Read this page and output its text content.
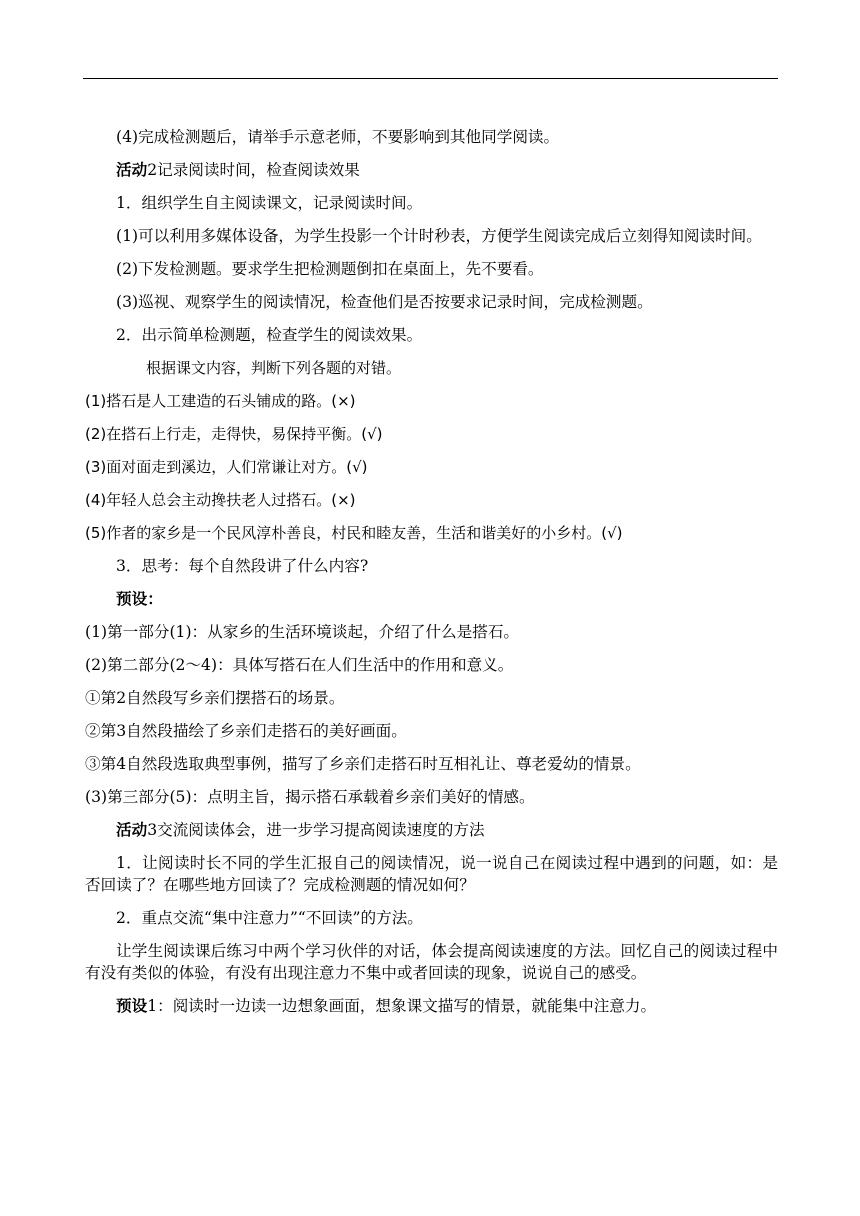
(4)完成检测题后，请举手示意老师，不要影响到其他同学阅读。

活动2记录阅读时间，检查阅读效果

1．组织学生自主阅读课文，记录阅读时间。

(1)可以利用多媒体设备，为学生投影一个计时秒表，方便学生阅读完成后立刻得知阅读时间。

(2)下发检测题。要求学生把检测题倒扣在桌面上，先不要看。

(3)巡视、观察学生的阅读情况，检查他们是否按要求记录时间，完成检测题。

2．出示简单检测题，检查学生的阅读效果。

根据课文内容，判断下列各题的对错。

(1)搭石是人工建造的石头铺成的路。(×)

(2)在搭石上行走，走得快，易保持平衡。(√)

(3)面对面走到溪边，人们常谦让对方。(√)

(4)年轻人总会主动搀扶老人过搭石。(×)

(5)作者的家乡是一个民风淳朴善良，村民和睦友善，生活和谐美好的小乡村。(√)

3．思考：每个自然段讲了什么内容?

预设：

(1)第一部分(1)：从家乡的生活环境谈起，介绍了什么是搭石。

(2)第二部分(2～4)：具体写搭石在人们生活中的作用和意义。

①第2自然段写乡亲们摆搭石的场景。

②第3自然段描绘了乡亲们走搭石的美好画面。

③第4自然段选取典型事例，描写了乡亲们走搭石时互相礼让、尊老爱幼的情景。

(3)第三部分(5)：点明主旨，揭示搭石承载着乡亲们美好的情感。

活动3交流阅读体会，进一步学习提高阅读速度的方法

1．让阅读时长不同的学生汇报自己的阅读情况，说一说自己在阅读过程中遇到的问题，如：是否回读了？在哪些地方回读了？完成检测题的情况如何？

2．重点交流“集中注意力”“不回读”的方法。

让学生阅读课后练习中两个学习伙伴的对话，体会提高阅读速度的方法。回忆自己的阅读过程中有没有类似的体验，有没有出现注意力不集中或者回读的现象，说说自己的感受。

预设1：阅读时一边读一边想象画面，想象课文描写的情景，就能集中注意力。
